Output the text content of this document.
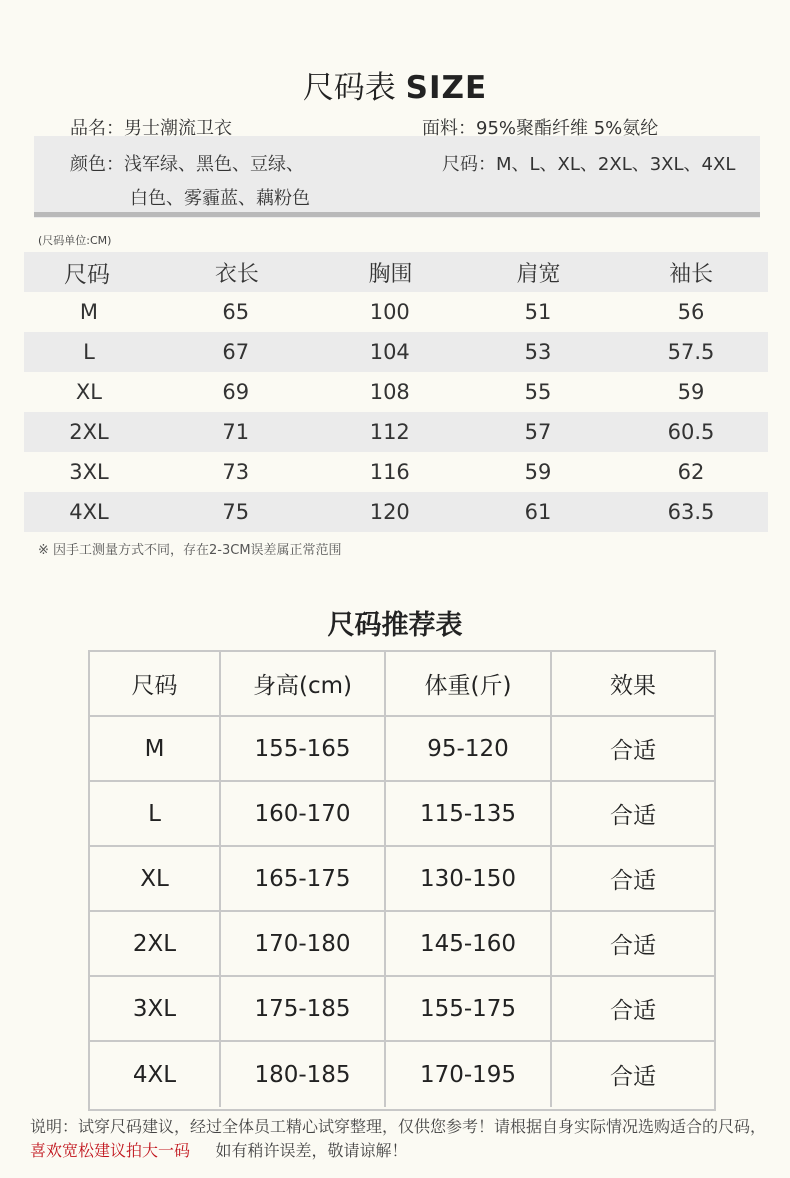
尺码表 SIZE
品名：男士潮流卫衣	面料：95%聚酯纤维 5%氨纶
颜色：浅军绿、黑色、豆绿、	尺码：M、L、XL、2XL、3XL、4XL
白色、雾霾蓝、藕粉色
(尺码单位:CM)
尺码	衣长	胸围	肩宽	袖长
M	65	100	51	56
L	67	104	53	57.5
XL	69	108	55	59
2XL	71	112	57	60.5
3XL	73	116	59	62
4XL	75	120	61	63.5
※ 因手工测量方式不同，存在2-3CM误差属正常范围
尺码推荐表
尺码	身高(cm)	体重(斤)	效果
M	155-165	95-120	合适
L	160-170	115-135	合适
XL	165-175	130-150	合适
2XL	170-180	145-160	合适
3XL	175-185	155-175	合适
4XL	180-185	170-195	合适
说明：试穿尺码建议，经过全体员工精心试穿整理，仅供您参考！请根据自身实际情况选购适合的尺码，喜欢宽松建议拍大一码     如有稍许误差，敬请谅解！
